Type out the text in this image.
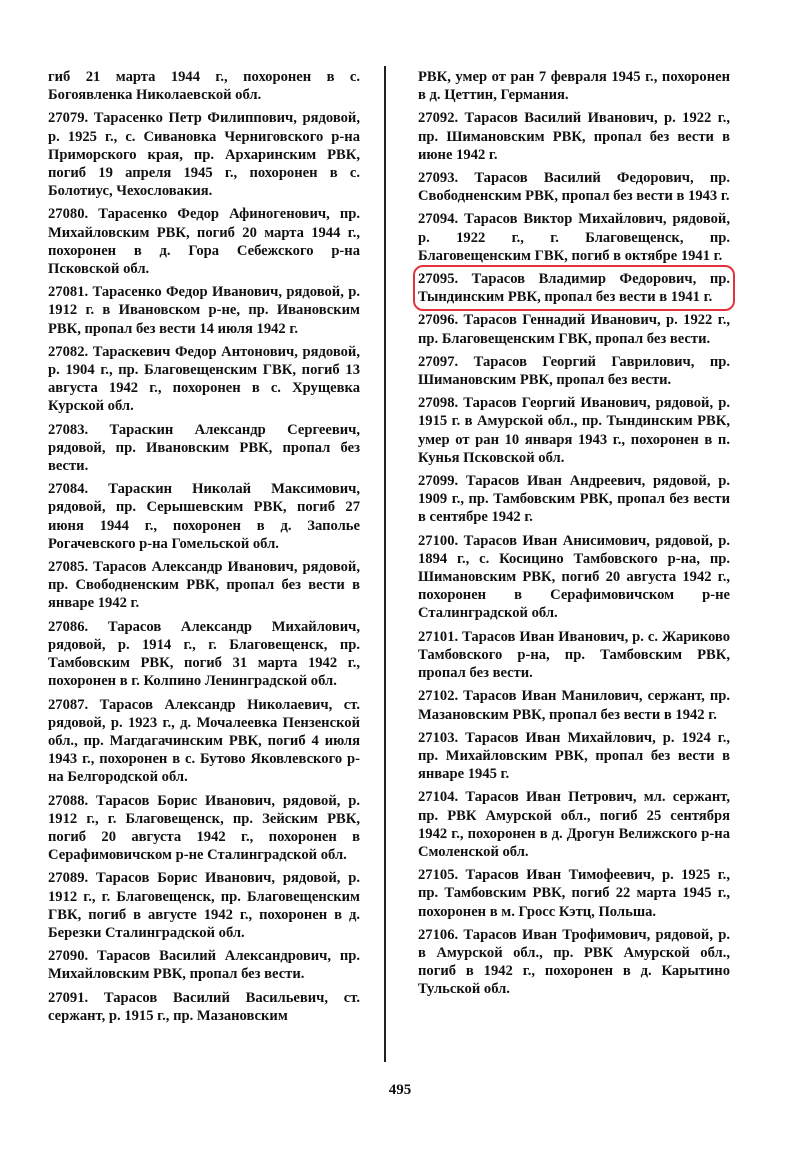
гиб 21 марта 1944 г., похоронен в с. Богоявленка Николаевской обл.

27079. Тарасенко Петр Филиппович, рядовой, р. 1925 г., с. Сивановка Черниговского р-на Приморского края, пр. Архаринским РВК, погиб 19 апреля 1945 г., похоронен в с. Болотиус, Чехословакия.

27080. Тарасенко Федор Афиногенович, пр. Михайловским РВК, погиб 20 марта 1944 г., похоронен в д. Гора Себежского р-на Псковской обл.

27081. Тарасенко Федор Иванович, рядовой, р. 1912 г. в Ивановском р-не, пр. Ивановским РВК, пропал без вести 14 июля 1942 г.

27082. Тараскевич Федор Антонович, рядовой, р. 1904 г., пр. Благовещенским ГВК, погиб 13 августа 1942 г., похоронен в с. Хрущевка Курской обл.

27083. Тараскин Александр Сергеевич, рядовой, пр. Ивановским РВК, пропал без вести.

27084. Тараскин Николай Максимович, рядовой, пр. Серышевским РВК, погиб 27 июня 1944 г., похоронен в д. Заполье Рогачевского р-на Гомельской обл.

27085. Тарасов Александр Иванович, рядовой, пр. Свободненским РВК, пропал без вести в январе 1942 г.

27086. Тарасов Александр Михайлович, рядовой, р. 1914 г., г. Благовещенск, пр. Тамбовским РВК, погиб 31 марта 1942 г., похоронен в г. Колпино Ленинградской обл.

27087. Тарасов Александр Николаевич, ст. рядовой, р. 1923 г., д. Мочалеевка Пензенской обл., пр. Магдагачинским РВК, погиб 4 июля 1943 г., похоронен в с. Бутово Яковлевского р-на Белгородской обл.

27088. Тарасов Борис Иванович, рядовой, р. 1912 г., г. Благовещенск, пр. Зейским РВК, погиб 20 августа 1942 г., похоронен в Серафимовичском р-не Сталинградской обл.

27089. Тарасов Борис Иванович, рядовой, р. 1912 г., г. Благовещенск, пр. Благовещенским ГВК, погиб в августе 1942 г., похоронен в д. Березки Сталинградской обл.

27090. Тарасов Василий Александрович, пр. Михайловским РВК, пропал без вести.

27091. Тарасов Василий Васильевич, ст. сержант, р. 1915 г., пр. Мазановским

РВК, умер от ран 7 февраля 1945 г., похоронен в д. Цеттин, Германия.

27092. Тарасов Василий Иванович, р. 1922 г., пр. Шимановским РВК, пропал без вести в июне 1942 г.

27093. Тарасов Василий Федорович, пр. Свободненским РВК, пропал без вести в 1943 г.

27094. Тарасов Виктор Михайлович, рядовой, р. 1922 г., г. Благовещенск, пр. Благовещенским ГВК, погиб в октябре 1941 г.

27095. Тарасов Владимир Федорович, пр. Тындинским РВК, пропал без вести в 1941 г.

27096. Тарасов Геннадий Иванович, р. 1922 г., пр. Благовещенским ГВК, пропал без вести.

27097. Тарасов Георгий Гаврилович, пр. Шимановским РВК, пропал без вести.

27098. Тарасов Георгий Иванович, рядовой, р. 1915 г. в Амурской обл., пр. Тындинским РВК, умер от ран 10 января 1943 г., похоронен в п. Кунья Псковской обл.

27099. Тарасов Иван Андреевич, рядовой, р. 1909 г., пр. Тамбовским РВК, пропал без вести в сентябре 1942 г.

27100. Тарасов Иван Анисимович, рядовой, р. 1894 г., с. Косицино Тамбовского р-на, пр. Шимановским РВК, погиб 20 августа 1942 г., похоронен в Серафимовичском р-не Сталинградской обл.

27101. Тарасов Иван Иванович, р. с. Жариково Тамбовского р-на, пр. Тамбовским РВК, пропал без вести.

27102. Тарасов Иван Манилович, сержант, пр. Мазановским РВК, пропал без вести в 1942 г.

27103. Тарасов Иван Михайлович, р. 1924 г., пр. Михайловским РВК, пропал без вести в январе 1945 г.

27104. Тарасов Иван Петрович, мл. сержант, пр. РВК Амурской обл., погиб 25 сентября 1942 г., похоронен в д. Дрогун Велижского р-на Смоленской обл.

27105. Тарасов Иван Тимофеевич, р. 1925 г., пр. Тамбовским РВК, погиб 22 марта 1945 г., похоронен в м. Гросс Кэтц, Польша.

27106. Тарасов Иван Трофимович, рядовой, р. в Амурской обл., пр. РВК Амурской обл., погиб в 1942 г., похоронен в д. Карытино Тульской обл.

495
